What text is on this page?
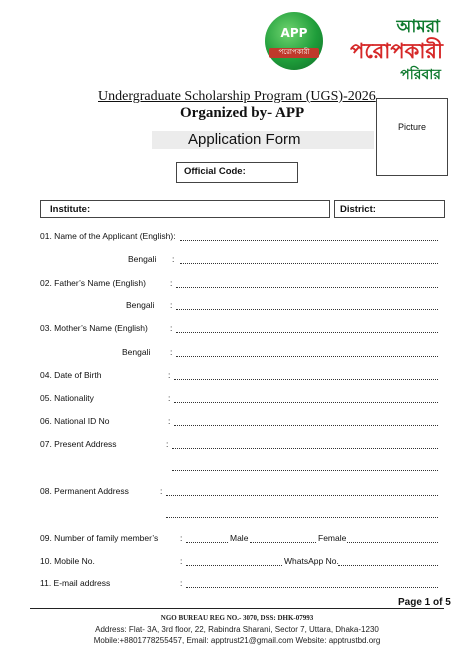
APP
পরোপকারী
আমরা
পরোপকারী
পরিবার
Undergraduate Scholarship Program (UGS)-2026
Organized by- APP
Application Form
Picture
Official Code:
Institute:	District:
01. Name of the Applicant (English):
Bengali :
02. Father’s Name (English)	:
Bengali :
03. Mother’s Name (English)	:
Bengali :
04. Date of Birth	:
05. Nationality	:
06. National ID No	:
07. Present Address	:
08. Permanent Address	:
09. Number of family member’s	:	Male	Female
10. Mobile No.	:	WhatsApp No.
11. E-mail address	:
Page 1 of 5
NGO BUREAU REG NO.- 3070, DSS: DHK-07993
Address: Flat- 3A, 3rd floor, 22, Rabindra Sharani, Sector 7, Uttara, Dhaka-1230
Mobile:+8801778255457, Email: apptrust21@gmail.com Website: apptrustbd.org
